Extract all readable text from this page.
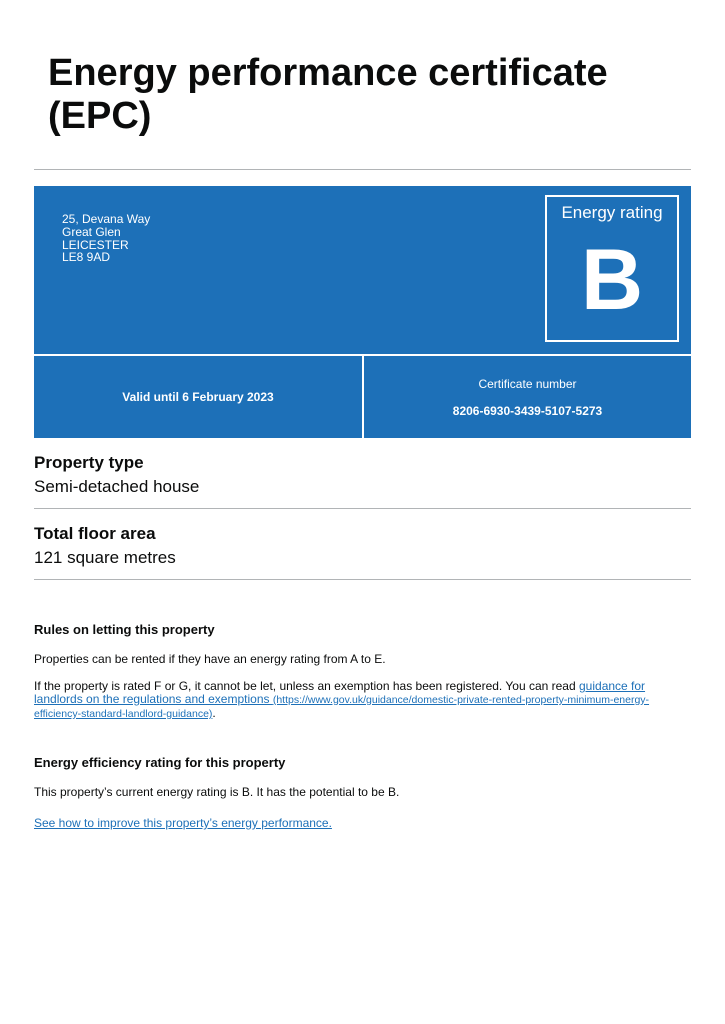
Energy performance certificate (EPC)
25, Devana Way
Great Glen
LEICESTER
LE8 9AD
Energy rating
B
Valid until 6 February 2023
Certificate number
8206-6930-3439-5107-5273
Property type
Semi-detached house
Total floor area
121 square metres
Rules on letting this property
Properties can be rented if they have an energy rating from A to E.
If the property is rated F or G, it cannot be let, unless an exemption has been registered. You can read guidance for landlords on the regulations and exemptions (https://www.gov.uk/guidance/domestic-private-rented-property-minimum-energy-efficiency-standard-landlord-guidance).
Energy efficiency rating for this property
This property’s current energy rating is B. It has the potential to be B.
See how to improve this property’s energy performance.
